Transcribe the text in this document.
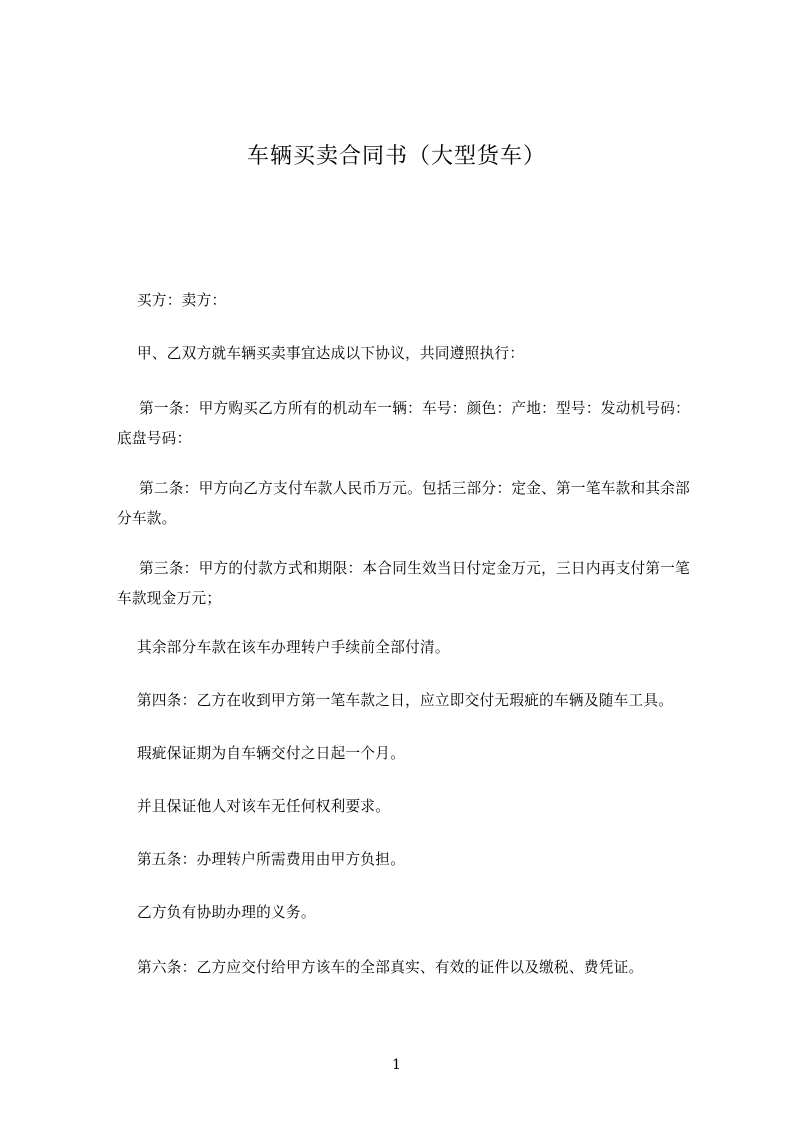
车辆买卖合同书（大型货车）
买方：卖方：
甲、乙双方就车辆买卖事宜达成以下协议，共同遵照执行：
第一条：甲方购买乙方所有的机动车一辆：车号：颜色：产地：型号：发动机号码：底盘号码：
第二条：甲方向乙方支付车款人民币万元。包括三部分：定金、第一笔车款和其余部分车款。
第三条：甲方的付款方式和期限：本合同生效当日付定金万元，三日内再支付第一笔车款现金万元；
其余部分车款在该车办理转户手续前全部付清。
第四条：乙方在收到甲方第一笔车款之日，应立即交付无瑕疵的车辆及随车工具。
瑕疵保证期为自车辆交付之日起一个月。
并且保证他人对该车无任何权利要求。
第五条：办理转户所需费用由甲方负担。
乙方负有协助办理的义务。
第六条：乙方应交付给甲方该车的全部真实、有效的证件以及缴税、费凭证。
1
